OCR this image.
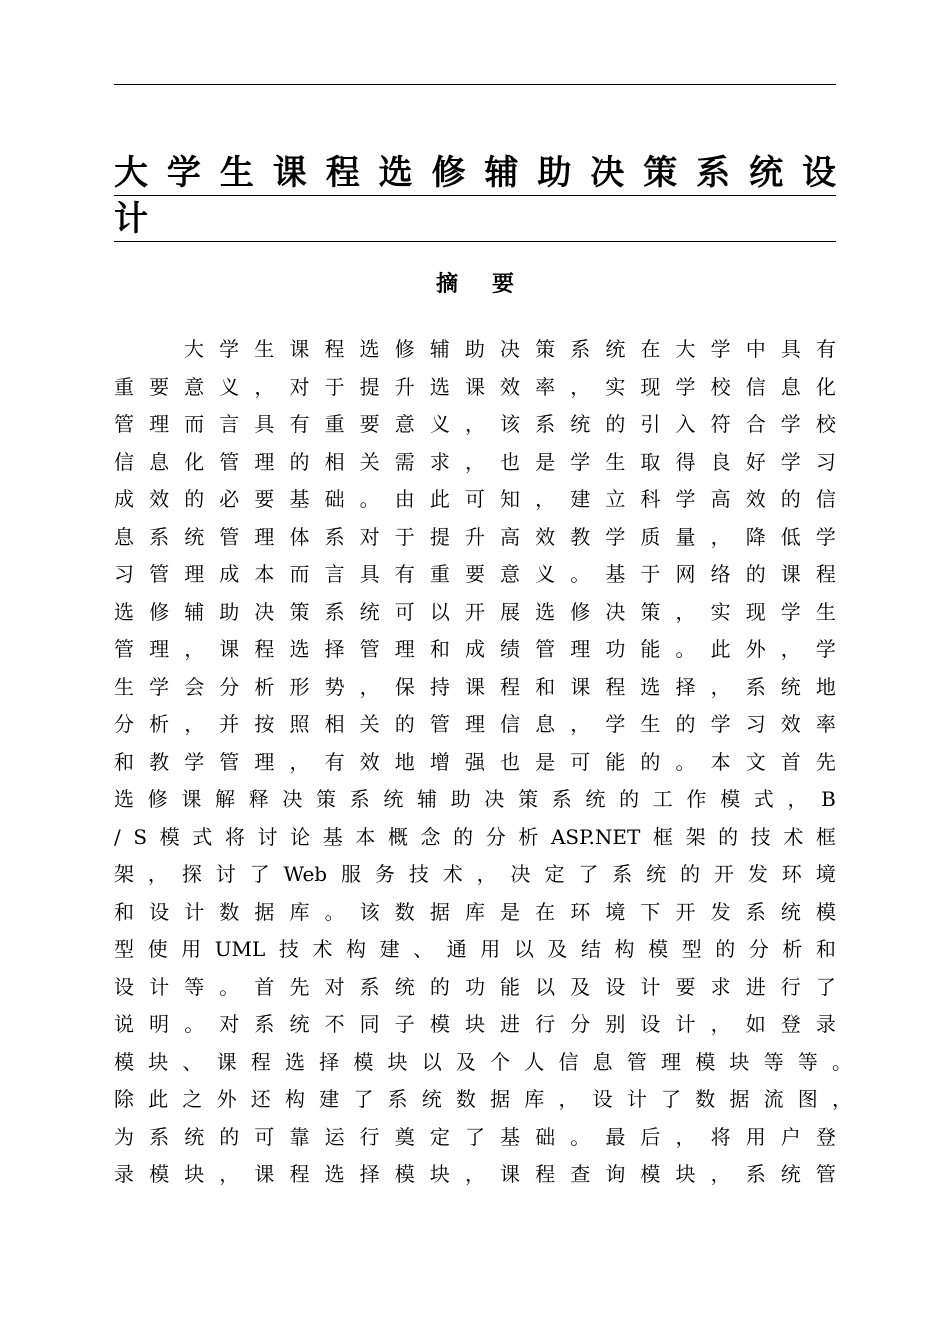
大 学 生 课 程 选 修 辅 助 决 策 系 统 设
计
摘要
大 学 生 课 程 选 修 辅 助 决 策 系 统 在 大 学 中 具 有
重 要 意 义 ， 对 于 提 升 选 课 效 率 ， 实 现 学 校 信 息 化
管 理 而 言 具 有 重 要 意 义 ， 该 系 统 的 引 入 符 合 学 校
信 息 化 管 理 的 相 关 需 求 ， 也 是 学 生 取 得 良 好 学 习
成 效 的 必 要 基 础 。 由 此 可 知 ， 建 立 科 学 高 效 的 信
息 系 统 管 理 体 系 对 于 提 升 高 效 教 学 质 量 ， 降 低 学
习 管 理 成 本 而 言 具 有 重 要 意 义 。 基 于 网 络 的 课 程
选 修 辅 助 决 策 系 统 可 以 开 展 选 修 决 策 ， 实 现 学 生
管 理 ， 课 程 选 择 管 理 和 成 绩 管 理 功 能 。 此 外 ， 学
生 学 会 分 析 形 势 ， 保 持 课 程 和 课 程 选 择 ， 系 统 地
分 析 ， 并 按 照 相 关 的 管 理 信 息 ， 学 生 的 学 习 效 率
和 教 学 管 理 ， 有 效 地 增 强 也 是 可 能 的 。 本 文 首 先
选 修 课 解 释 决 策 系 统 辅 助 决 策 系 统 的 工 作 模 式 ， B
/ S 模 式 将 讨 论 基 本 概 念 的 分 析 ASP.NET 框 架 的 技 术 框
架 ， 探 讨 了 Web 服 务 技 术 ， 决 定 了 系 统 的 开 发 环 境
和 设 计 数 据 库 。 该 数 据 库 是 在 环 境 下 开 发 系 统 模
型 使 用 UML 技 术 构 建 、 通 用 以 及 结 构 模 型 的 分 析 和
设 计 等 。 首 先 对 系 统 的 功 能 以 及 设 计 要 求 进 行 了
说 明 。 对 系 统 不 同 子 模 块 进 行 分 别 设 计 ， 如 登 录
模 块 、 课 程 选 择 模 块 以 及 个 人 信 息 管 理 模 块 等 等 。
除 此 之 外 还 构 建 了 系 统 数 据 库 ， 设 计 了 数 据 流 图 ，
为 系 统 的 可 靠 运 行 奠 定 了 基 础 。 最 后 ， 将 用 户 登
录 模 块 ， 课 程 选 择 模 块 ， 课 程 查 询 模 块 ， 系 统 管
